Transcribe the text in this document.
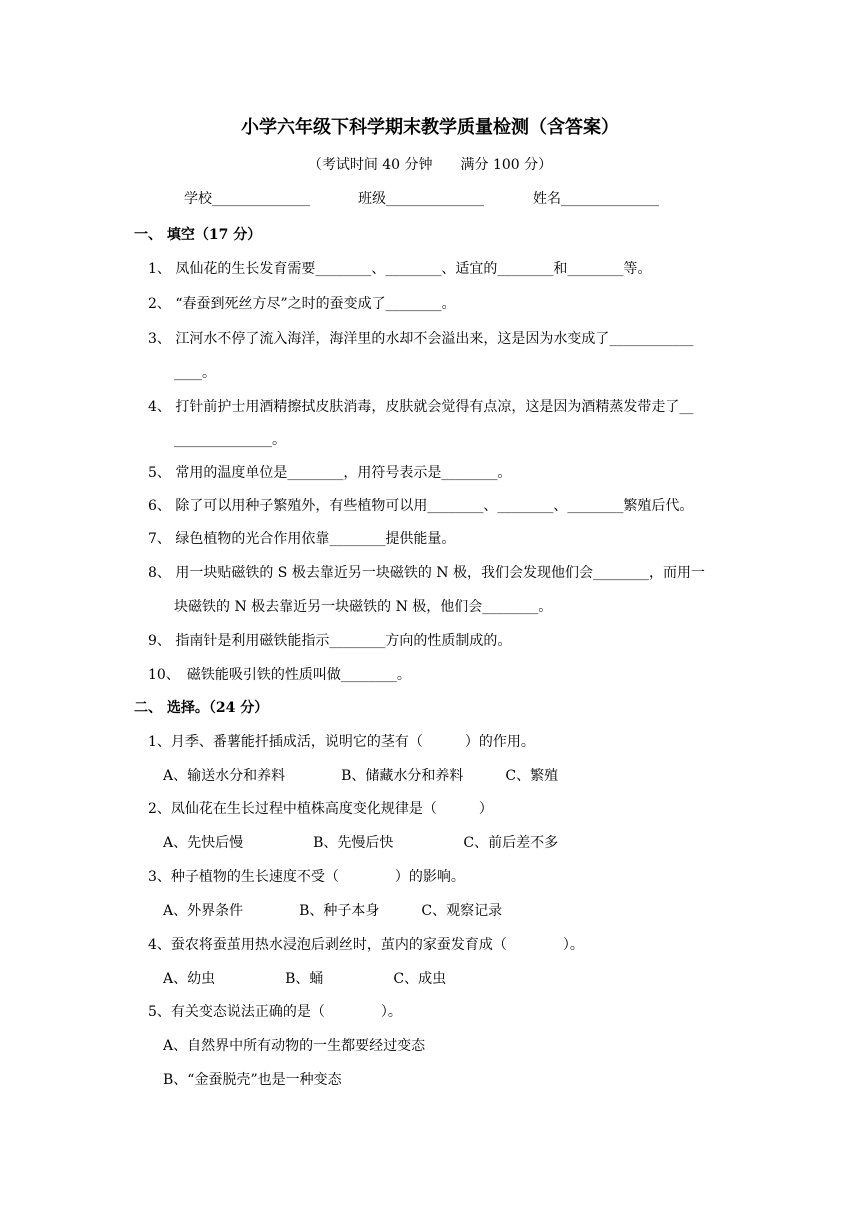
小学六年级下科学期末教学质量检测（含答案）
（考试时间 40 分钟　　满分 100 分）
学校______________	班级______________	姓名______________
一、 填空（17 分）
1、 凤仙花的生长发育需要________、________、适宜的________和________等。
2、 “春蚕到死丝方尽”之时的蚕变成了________。
3、 江河水不停了流入海洋，海洋里的水却不会溢出来，这是因为水变成了____________
____。
4、 打针前护士用酒精擦拭皮肤消毒，皮肤就会觉得有点凉，这是因为酒精蒸发带走了__
______________。
5、 常用的温度单位是________，用符号表示是________。
6、 除了可以用种子繁殖外，有些植物可以用________、________、________繁殖后代。
7、 绿色植物的光合作用依靠________提供能量。
8、 用一块贴磁铁的 S 极去靠近另一块磁铁的 N 极，我们会发现他们会________，而用一
块磁铁的 N 极去靠近另一块磁铁的 N 极，他们会________。
9、 指南针是利用磁铁能指示________方向的性质制成的。
10、　磁铁能吸引铁的性质叫做________。
二、 选择。（24 分）
1、月季、番薯能扦插成活，说明它的茎有（　　　）的作用。
A、输送水分和养料　　　　B、储藏水分和养料　　　C、繁殖
2、凤仙花在生长过程中植株高度变化规律是（　　　）
A、先快后慢　　　　　B、先慢后快　　　　　C、前后差不多
3、种子植物的生长速度不受（　　　　）的影响。
A、外界条件　　　　B、种子本身　　　C、观察记录
4、蚕农将蚕茧用热水浸泡后剥丝时，茧内的家蚕发育成（　　　　）。
A、幼虫　　　　　B、蛹　　　　　C、成虫
5、有关变态说法正确的是（　　　　）。
A、自然界中所有动物的一生都要经过变态
B、“金蚕脱壳”也是一种变态
